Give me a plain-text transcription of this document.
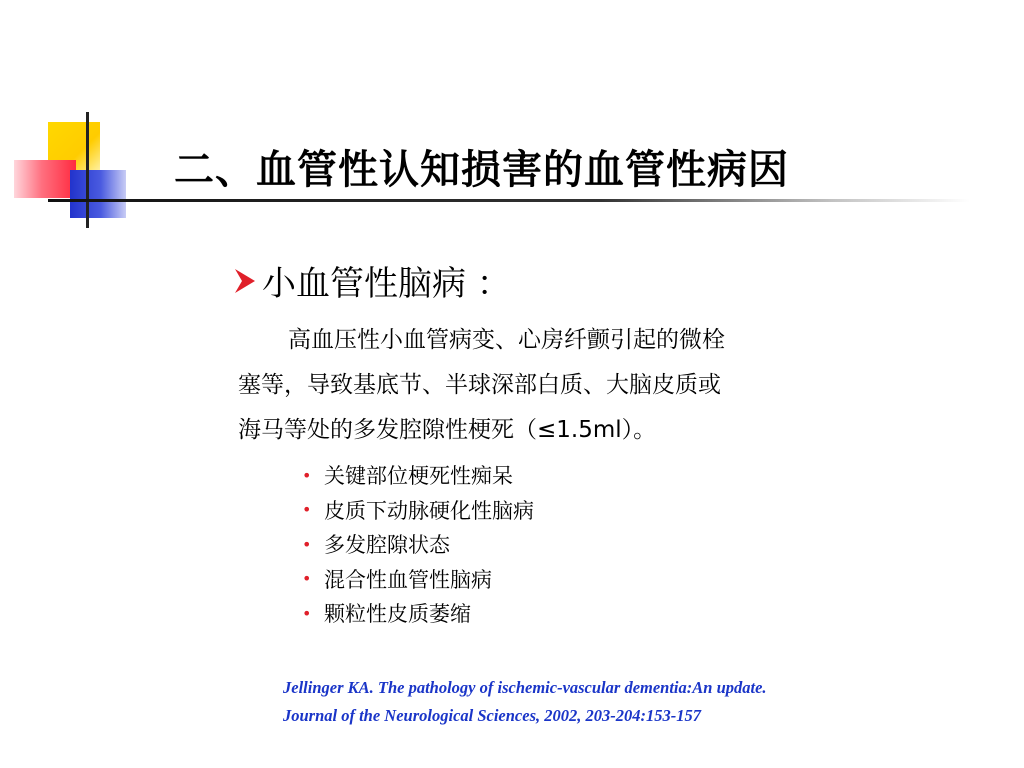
二、血管性认知损害的血管性病因
小血管性脑病 ：
高血压性小血管病变、心房纤颤引起的微栓
塞等，导致基底节、半球深部白质、大脑皮质或
海马等处的多发腔隙性梗死（≤1.5ml）。
• 关键部位梗死性痴呆
• 皮质下动脉硬化性脑病
• 多发腔隙状态
• 混合性血管性脑病
• 颗粒性皮质萎缩
Jellinger KA. The pathology of ischemic-vascular dementia:An update.
Journal of the Neurological Sciences, 2002, 203-204:153-157
